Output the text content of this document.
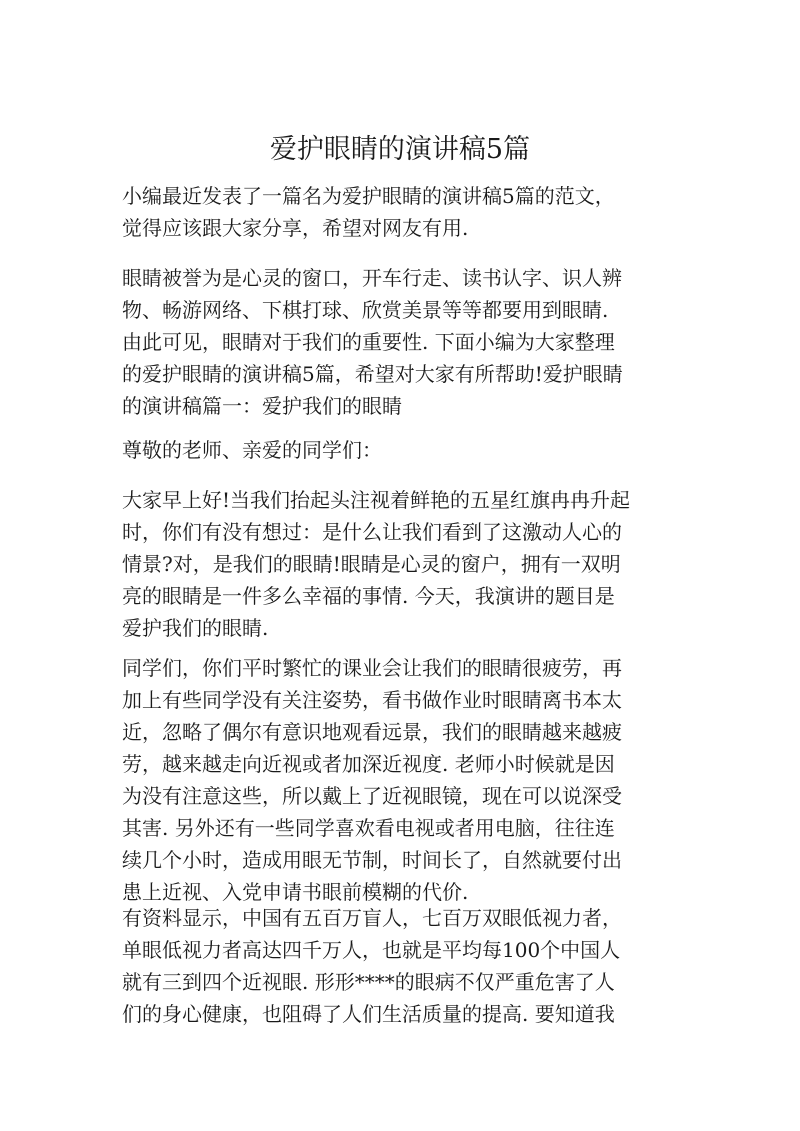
爱护眼睛的演讲稿5篇

小编最近发表了一篇名为爱护眼睛的演讲稿5篇的范文，
觉得应该跟大家分享，希望对网友有用.

眼睛被誉为是心灵的窗口，开车行走、读书认字、识人辨
物、畅游网络、下棋打球、欣赏美景等等都要用到眼睛.
由此可见，眼睛对于我们的重要性. 下面小编为大家整理
的爱护眼睛的演讲稿5篇，希望对大家有所帮助!爱护眼睛
的演讲稿篇一：爱护我们的眼睛

尊敬的老师、亲爱的同学们：

大家早上好!当我们抬起头注视着鲜艳的五星红旗冉冉升起
时，你们有没有想过：是什么让我们看到了这激动人心的
情景?对，是我们的眼睛!眼睛是心灵的窗户，拥有一双明
亮的眼睛是一件多么幸福的事情. 今天，我演讲的题目是
爱护我们的眼睛.

同学们，你们平时繁忙的课业会让我们的眼睛很疲劳，再
加上有些同学没有关注姿势，看书做作业时眼睛离书本太
近，忽略了偶尔有意识地观看远景，我们的眼睛越来越疲
劳，越来越走向近视或者加深近视度. 老师小时候就是因
为没有注意这些，所以戴上了近视眼镜，现在可以说深受
其害. 另外还有一些同学喜欢看电视或者用电脑，往往连
续几个小时，造成用眼无节制，时间长了，自然就要付出
患上近视、入党申请书眼前模糊的代价.

有资料显示，中国有五百万盲人，七百万双眼低视力者，
单眼低视力者高达四千万人，也就是平均每100个中国人
就有三到四个近视眼. 形形****的眼病不仅严重危害了人
们的身心健康，也阻碍了人们生活质量的提高. 要知道我
